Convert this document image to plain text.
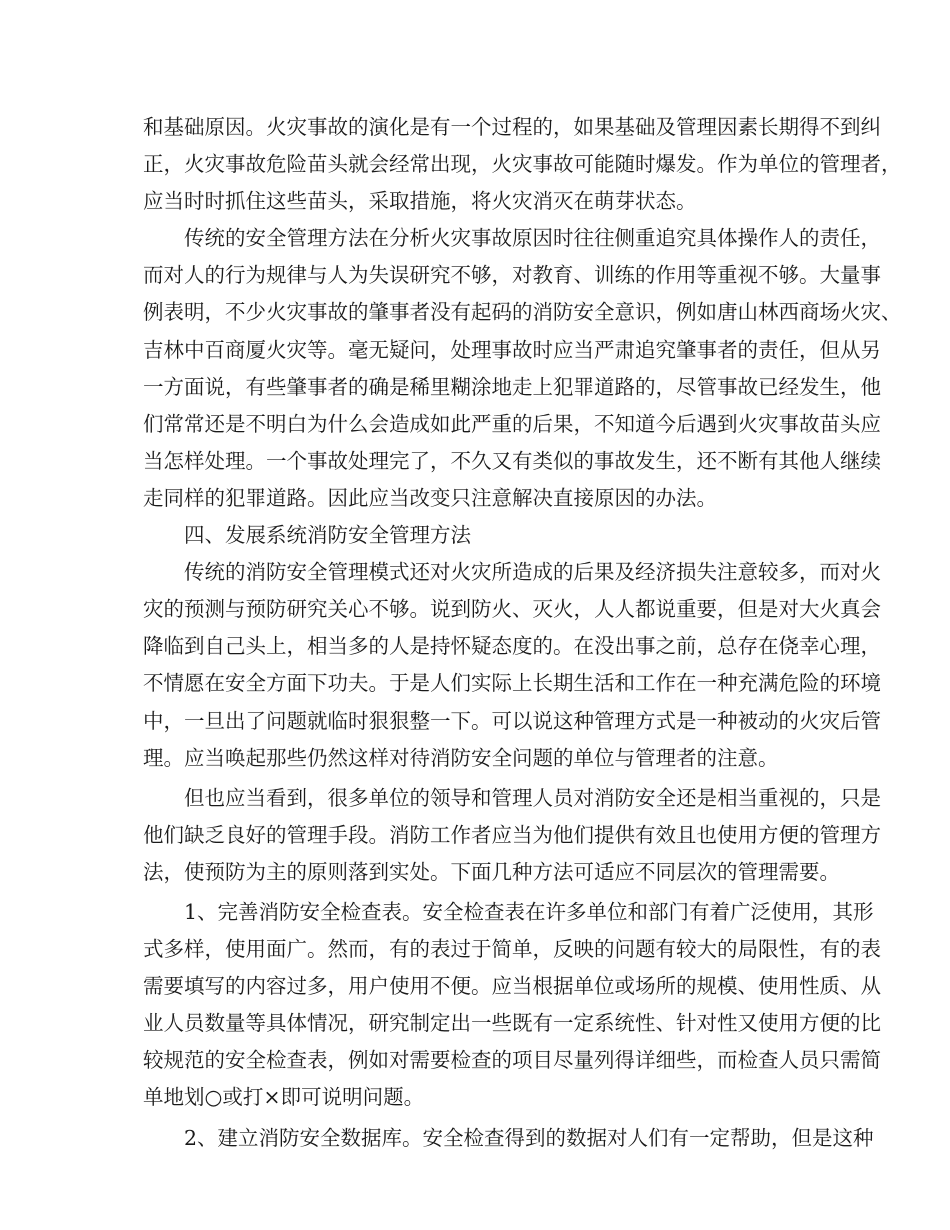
和基础原因。火灾事故的演化是有一个过程的，如果基础及管理因素长期得不到纠
正，火灾事故危险苗头就会经常出现，火灾事故可能随时爆发。作为单位的管理者，
应当时时抓住这些苗头，采取措施，将火灾消灭在萌芽状态。
传统的安全管理方法在分析火灾事故原因时往往侧重追究具体操作人的责任，
而对人的行为规律与人为失误研究不够，对教育、训练的作用等重视不够。大量事
例表明，不少火灾事故的肇事者没有起码的消防安全意识，例如唐山林西商场火灾、
吉林中百商厦火灾等。毫无疑问，处理事故时应当严肃追究肇事者的责任，但从另
一方面说，有些肇事者的确是稀里糊涂地走上犯罪道路的，尽管事故已经发生，他
们常常还是不明白为什么会造成如此严重的后果，不知道今后遇到火灾事故苗头应
当怎样处理。一个事故处理完了，不久又有类似的事故发生，还不断有其他人继续
走同样的犯罪道路。因此应当改变只注意解决直接原因的办法。
四、发展系统消防安全管理方法
传统的消防安全管理模式还对火灾所造成的后果及经济损失注意较多，而对火
灾的预测与预防研究关心不够。说到防火、灭火，人人都说重要，但是对大火真会
降临到自己头上，相当多的人是持怀疑态度的。在没出事之前，总存在侥幸心理，
不情愿在安全方面下功夫。于是人们实际上长期生活和工作在一种充满危险的环境
中，一旦出了问题就临时狠狠整一下。可以说这种管理方式是一种被动的火灾后管
理。应当唤起那些仍然这样对待消防安全问题的单位与管理者的注意。
但也应当看到，很多单位的领导和管理人员对消防安全还是相当重视的，只是
他们缺乏良好的管理手段。消防工作者应当为他们提供有效且也使用方便的管理方
法，使预防为主的原则落到实处。下面几种方法可适应不同层次的管理需要。
1、完善消防安全检查表。安全检查表在许多单位和部门有着广泛使用，其形
式多样，使用面广。然而，有的表过于简单，反映的问题有较大的局限性，有的表
需要填写的内容过多，用户使用不便。应当根据单位或场所的规模、使用性质、从
业人员数量等具体情况，研究制定出一些既有一定系统性、针对性又使用方便的比
较规范的安全检查表，例如对需要检查的项目尽量列得详细些，而检查人员只需简
单地划○或打×即可说明问题。
2、建立消防安全数据库。安全检查得到的数据对人们有一定帮助，但是这种
